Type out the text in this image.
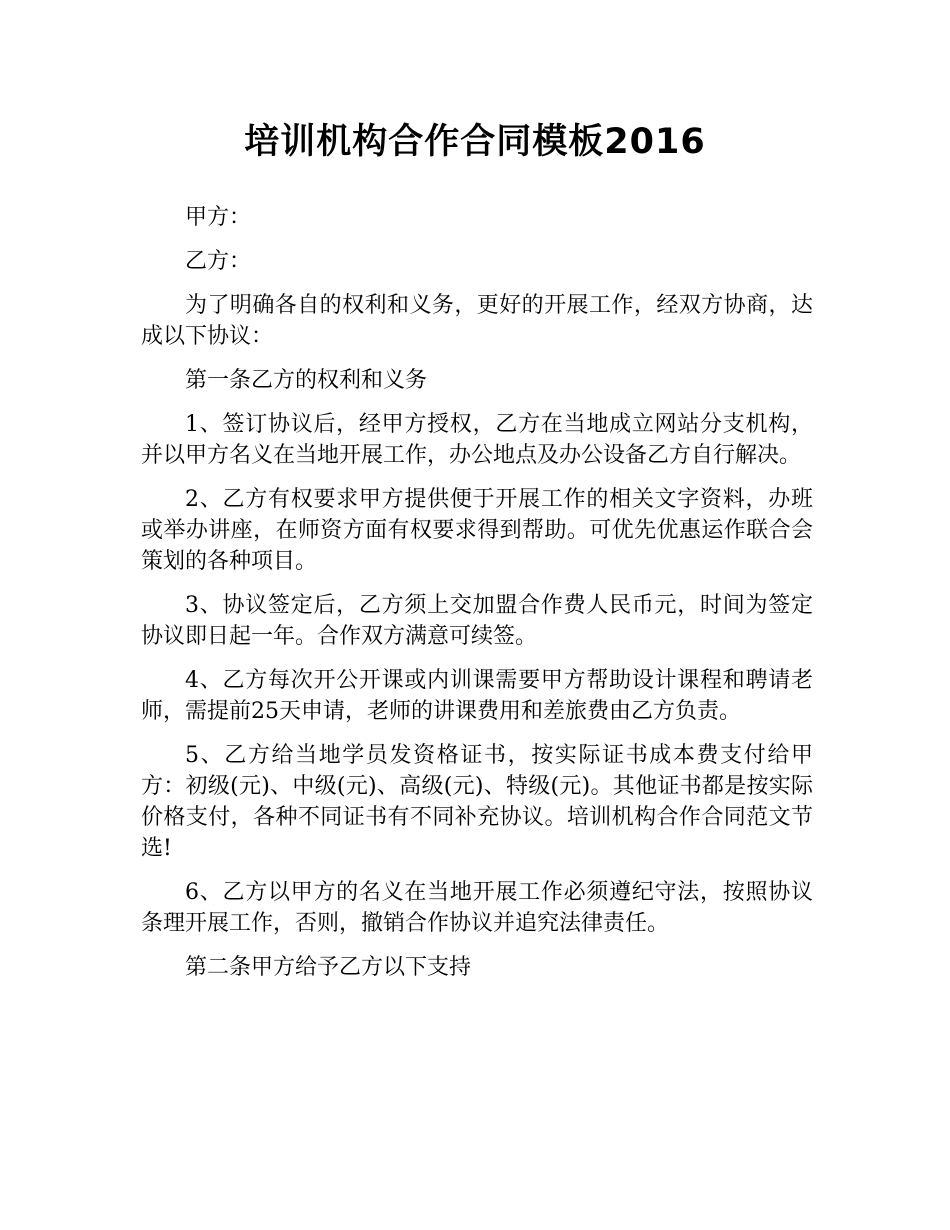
培训机构合作合同模板2016

甲方：

乙方：

为了明确各自的权利和义务，更好的开展工作，经双方协商，达成以下协议：

第一条乙方的权利和义务

1、签订协议后，经甲方授权，乙方在当地成立网站分支机构，并以甲方名义在当地开展工作，办公地点及办公设备乙方自行解决。

2、乙方有权要求甲方提供便于开展工作的相关文字资料，办班或举办讲座，在师资方面有权要求得到帮助。可优先优惠运作联合会策划的各种项目。

3、协议签定后，乙方须上交加盟合作费人民币元，时间为签定协议即日起一年。合作双方满意可续签。

4、乙方每次开公开课或内训课需要甲方帮助设计课程和聘请老师，需提前25天申请，老师的讲课费用和差旅费由乙方负责。

5、乙方给当地学员发资格证书，按实际证书成本费支付给甲方：初级(元)、中级(元)、高级(元)、特级(元)。其他证书都是按实际价格支付，各种不同证书有不同补充协议。培训机构合作合同范文节选!

6、乙方以甲方的名义在当地开展工作必须遵纪守法，按照协议条理开展工作，否则，撤销合作协议并追究法律责任。

第二条甲方给予乙方以下支持
